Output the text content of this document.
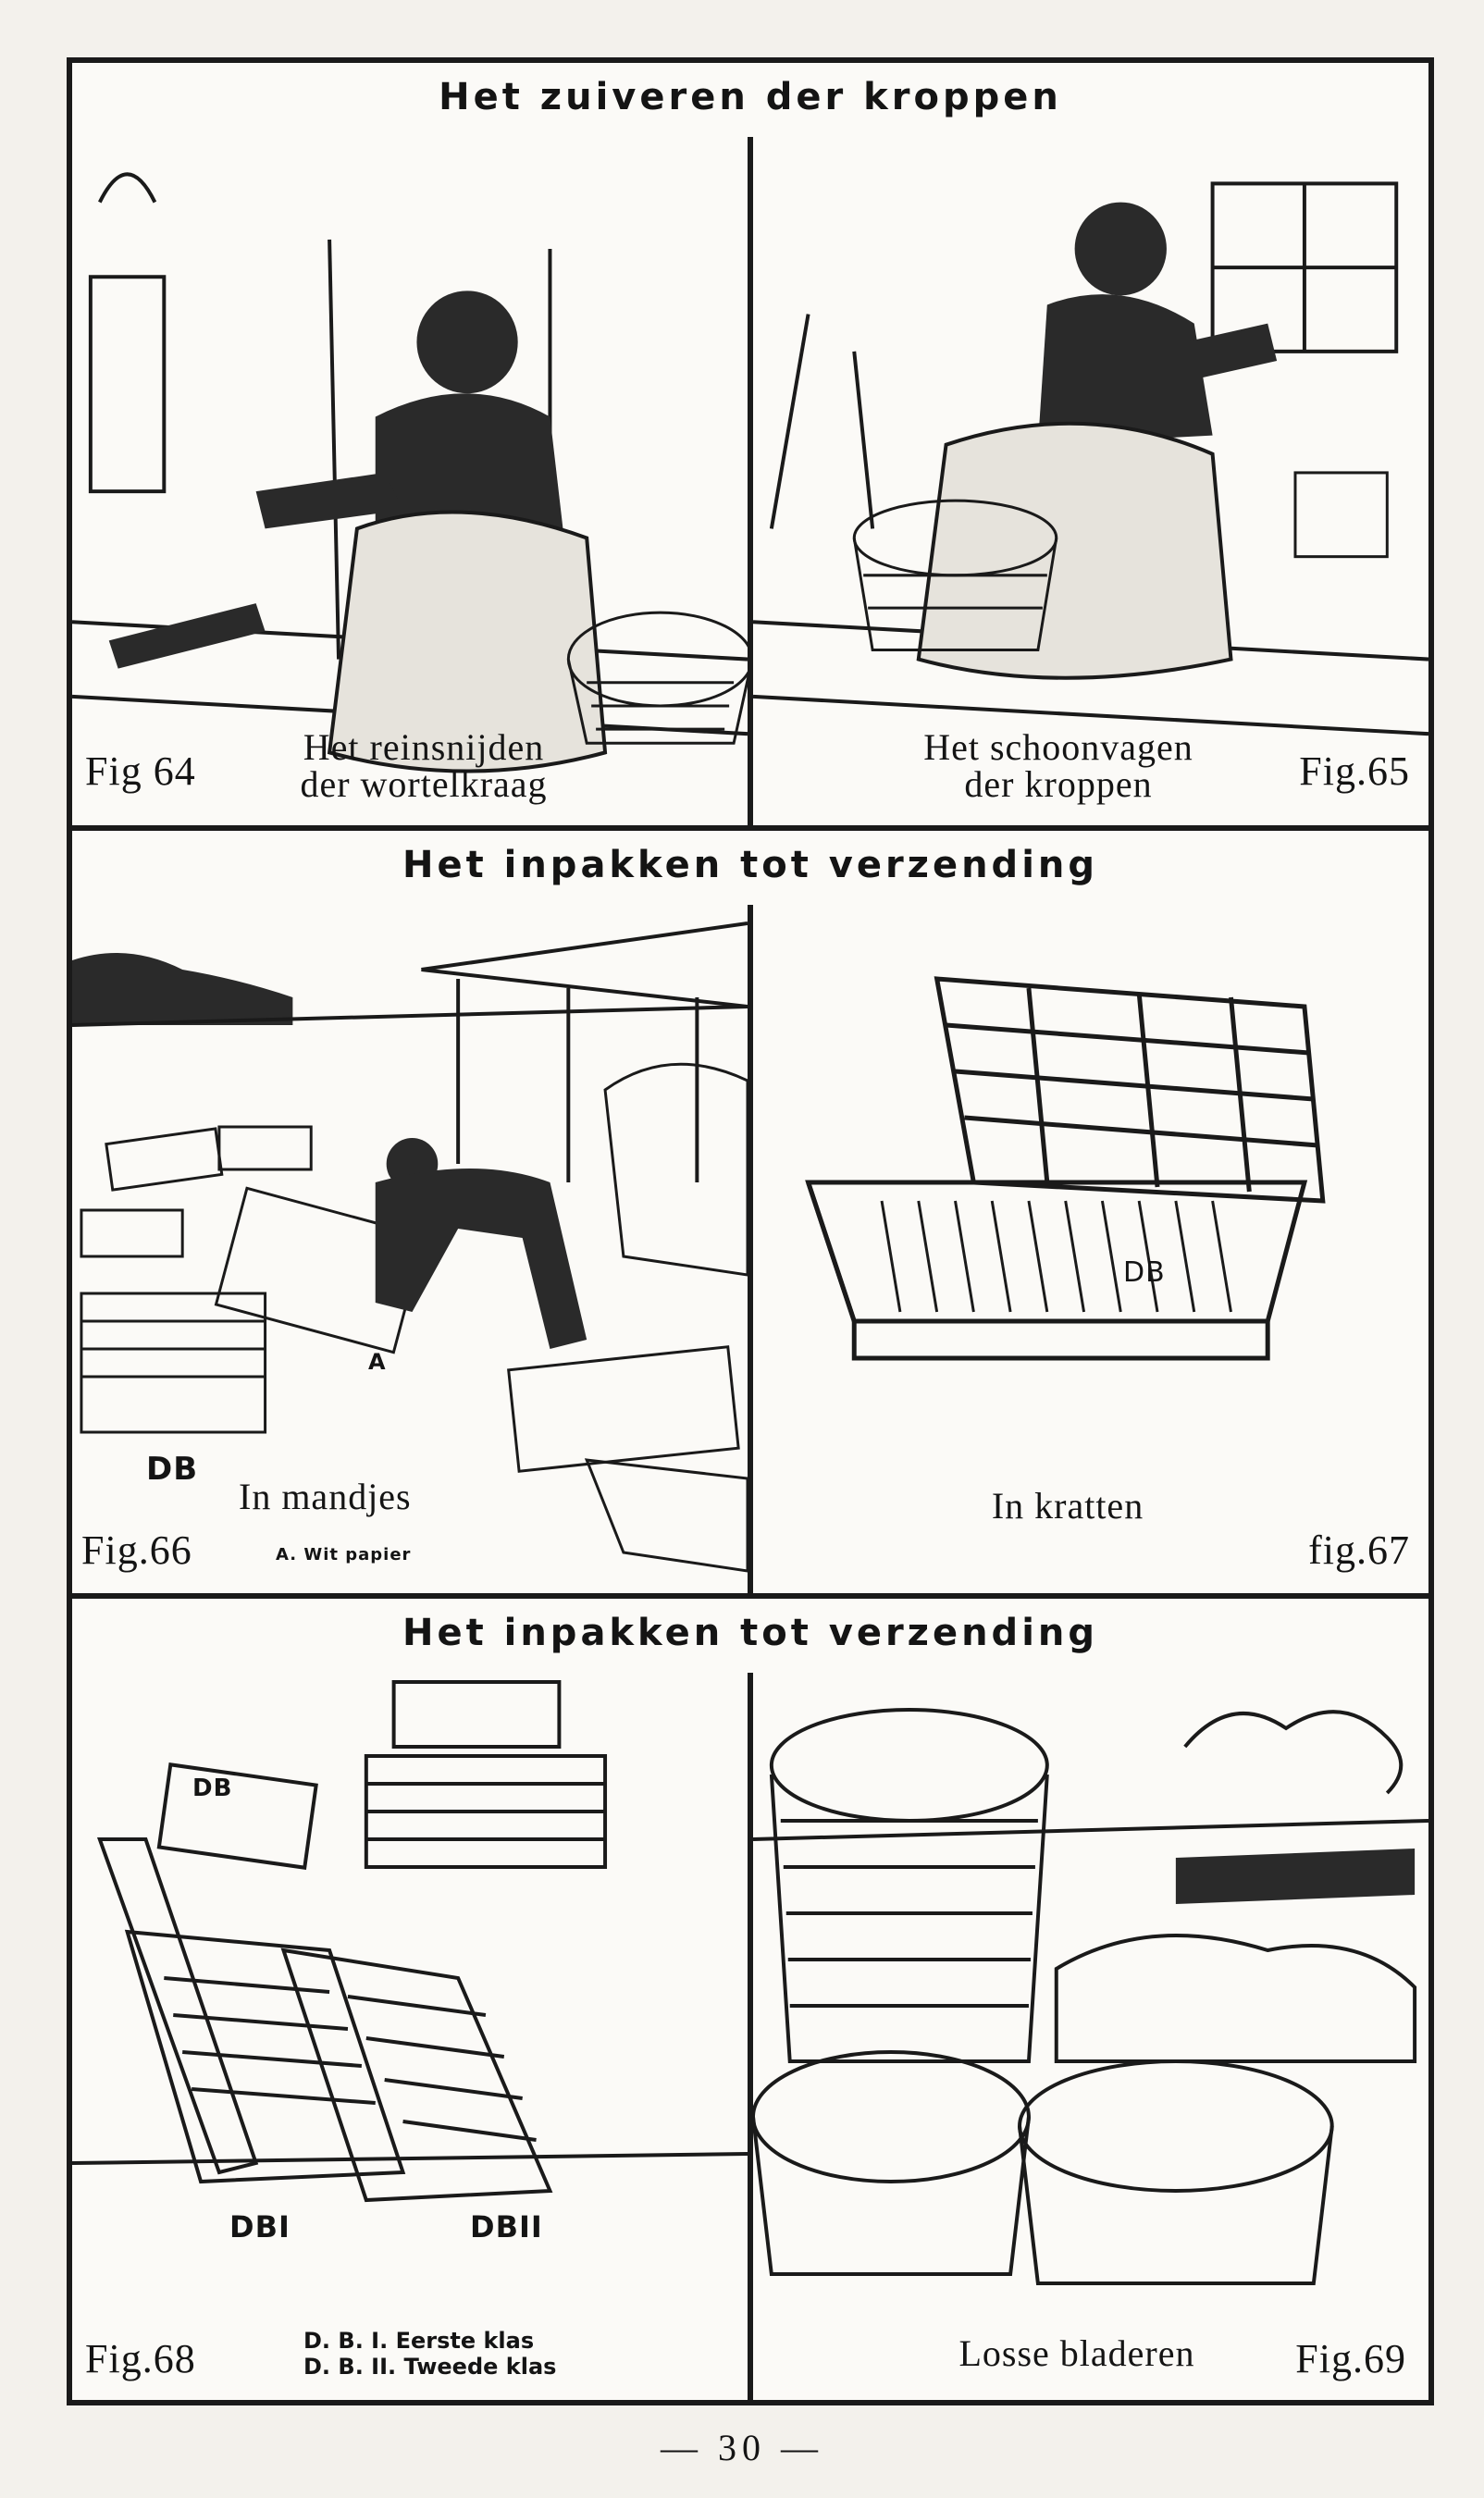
Het zuiveren der kroppen
Het reinsnijden
der wortelkraag
Fig 64
Het schoonvagen
der kroppen	Fig.65
Het inpakken tot verzending
DB
A
In mandjes
Fig.66	A. Wit papier
DB
In kratten
fig.67
Het inpakken tot verzending
DB
DBI	DBII
Fig.68	D. B. I. Eerste klas
D. B. II. Tweede klas	Losse bladeren	Fig.69
— 30 —
